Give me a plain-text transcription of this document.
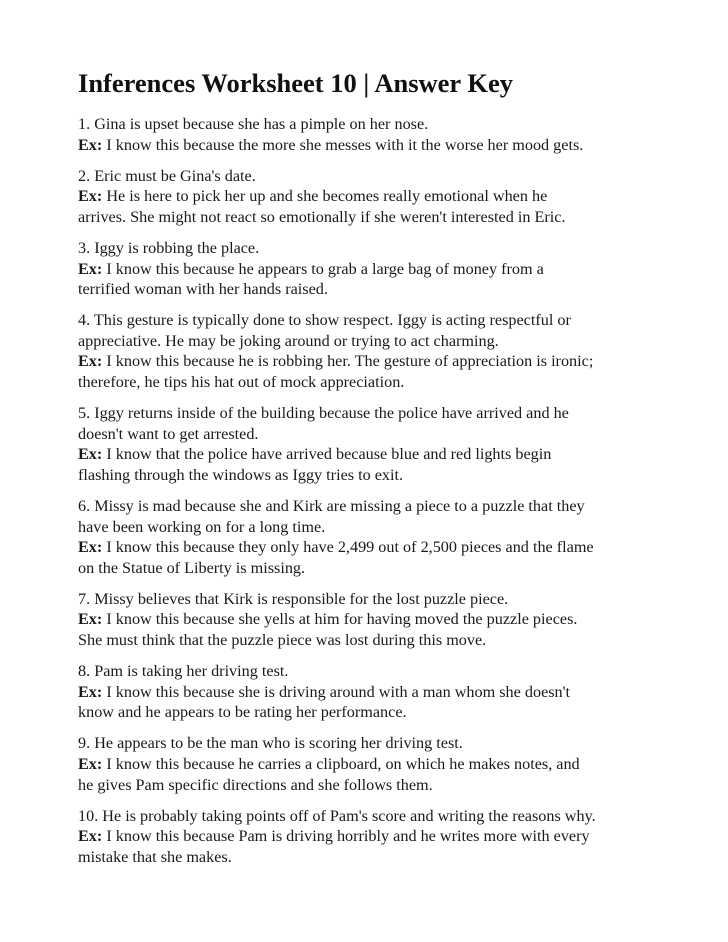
Inferences Worksheet 10 | Answer Key
1. Gina is upset because she has a pimple on her nose.
Ex: I know this because the more she messes with it the worse her mood gets.
2. Eric must be Gina's date.
Ex: He is here to pick her up and she becomes really emotional when he
arrives. She might not react so emotionally if she weren't interested in Eric.
3. Iggy is robbing the place.
Ex: I know this because he appears to grab a large bag of money from a
terrified woman with her hands raised.
4. This gesture is typically done to show respect. Iggy is acting respectful or
appreciative. He may be joking around or trying to act charming.
Ex: I know this because he is robbing her. The gesture of appreciation is ironic;
therefore, he tips his hat out of mock appreciation.
5. Iggy returns inside of the building because the police have arrived and he
doesn't want to get arrested.
Ex: I know that the police have arrived because blue and red lights begin
flashing through the windows as Iggy tries to exit.
6. Missy is mad because she and Kirk are missing a piece to a puzzle that they
have been working on for a long time.
Ex: I know this because they only have 2,499 out of 2,500 pieces and the flame
on the Statue of Liberty is missing.
7. Missy believes that Kirk is responsible for the lost puzzle piece.
Ex: I know this because she yells at him for having moved the puzzle pieces.
She must think that the puzzle piece was lost during this move.
8. Pam is taking her driving test.
Ex: I know this because she is driving around with a man whom she doesn't
know and he appears to be rating her performance.
9. He appears to be the man who is scoring her driving test.
Ex: I know this because he carries a clipboard, on which he makes notes, and
he gives Pam specific directions and she follows them.
10. He is probably taking points off of Pam's score and writing the reasons why.
Ex: I know this because Pam is driving horribly and he writes more with every
mistake that she makes.
